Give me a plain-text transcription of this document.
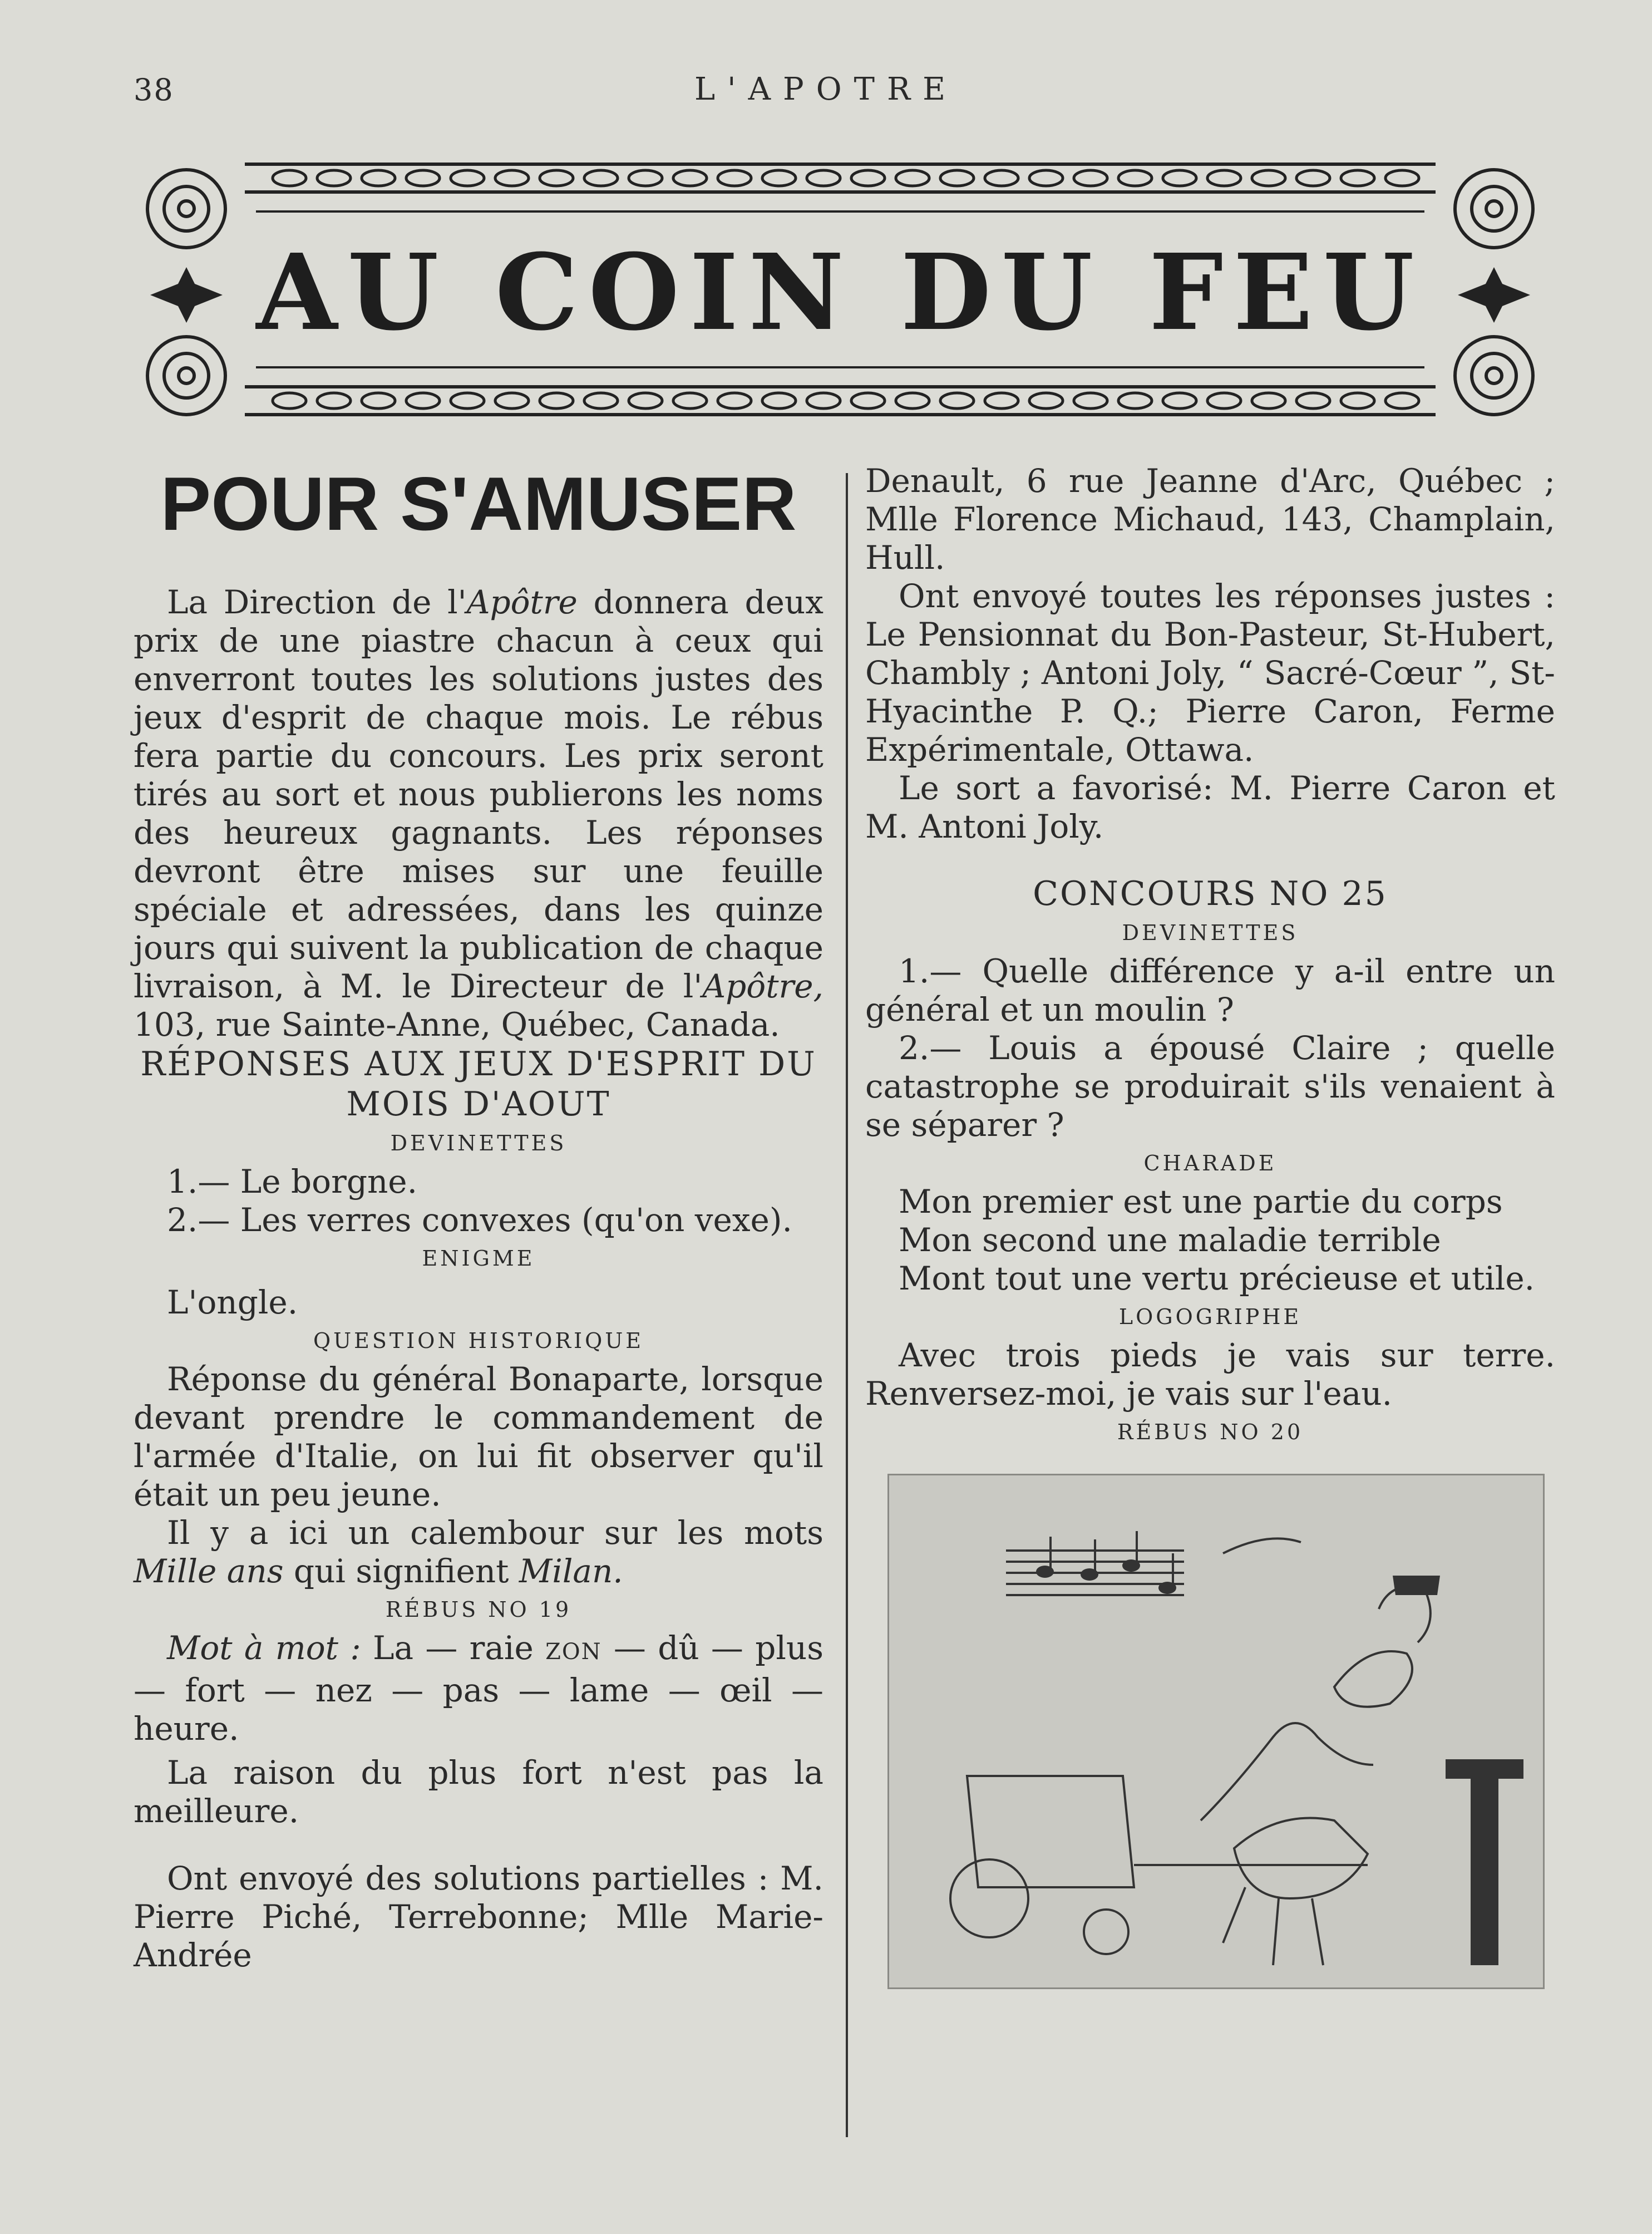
38	L'APOTRE
AU COIN DU FEU
POUR S'AMUSER

La Direction de l'Apôtre donnera deux prix de une piastre chacun à ceux qui enverront toutes les solutions justes des jeux d'esprit de chaque mois. Le rébus fera partie du concours. Les prix seront tirés au sort et nous publierons les noms des heureux gagnants. Les réponses devront être mises sur une feuille spéciale et adressées, dans les quinze jours qui suivent la publication de chaque livraison, à M. le Directeur de l'Apôtre, 103, rue Sainte-Anne, Québec, Canada.

RÉPONSES AUX JEUX D'ESPRIT DU MOIS D'AOUT

DEVINETTES

1.— Le borgne.

2.— Les verres convexes (qu'on vexe).

ENIGME

L'ongle.

QUESTION HISTORIQUE

Réponse du général Bonaparte, lorsque devant prendre le commandement de l'armée d'Italie, on lui fit observer qu'il était un peu jeune.

Il y a ici un calembour sur les mots Mille ans qui signifient Milan.

RÉBUS NO 19

Mot à mot : La — raie ZON — dû — plus — fort — nez — pas — lame — œil — heure.

La raison du plus fort n'est pas la meilleure.

Ont envoyé des solutions partielles : M. Pierre Piché, Terrebonne; Mlle Marie-Andrée

Denault, 6 rue Jeanne d'Arc, Québec ; Mlle Florence Michaud, 143, Champlain, Hull.

Ont envoyé toutes les réponses justes : Le Pensionnat du Bon-Pasteur, St-Hubert, Chambly ; Antoni Joly, “ Sacré-Cœur ”, St-Hyacinthe P. Q.; Pierre Caron, Ferme Expérimentale, Ottawa.

Le sort a favorisé: M. Pierre Caron et M. Antoni Joly.

CONCOURS NO 25

DEVINETTES

1.— Quelle différence y a-il entre un général et un moulin ?

2.— Louis a épousé Claire ; quelle catastrophe se produirait s'ils venaient à se séparer ?

CHARADE

Mon premier est une partie du corps

Mon second une maladie terrible

Mont tout une vertu précieuse et utile.

LOGOGRIPHE

Avec trois pieds je vais sur terre. Renversez-moi, je vais sur l'eau.

RÉBUS NO 20
